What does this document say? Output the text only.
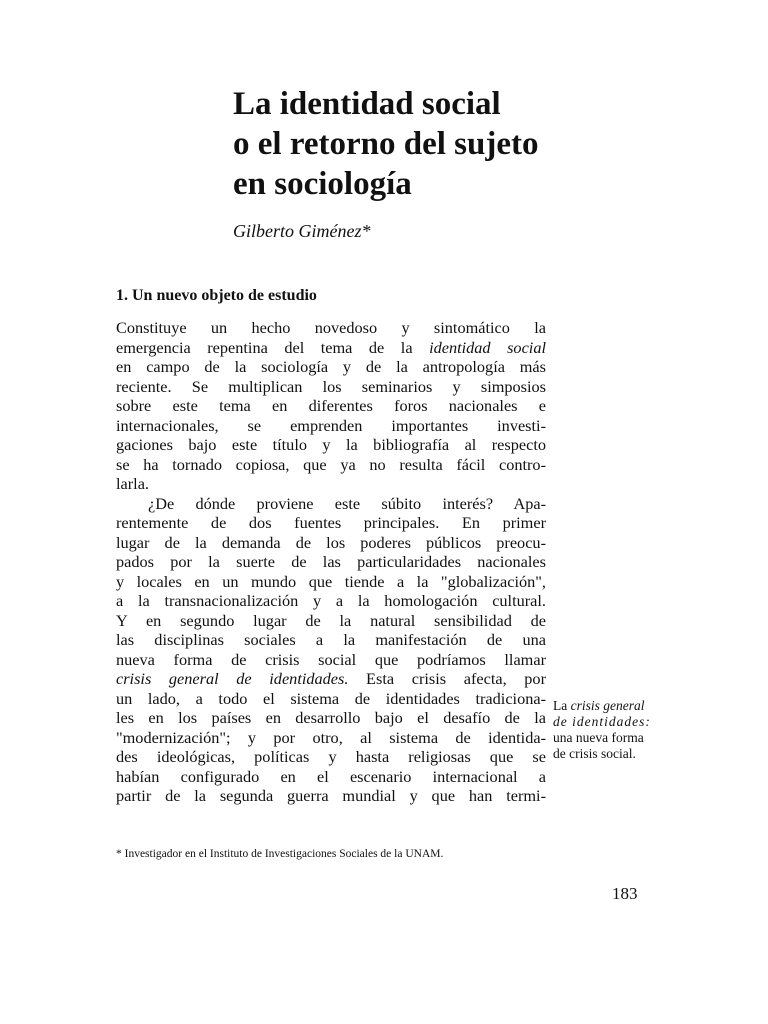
La identidad social
o el retorno del sujeto
en sociología

Gilberto Giménez*

1. Un nuevo objeto de estudio
Constituye un hecho novedoso y sintomático la
emergencia repentina del tema de la identidad social
en campo de la sociología y de la antropología más
reciente. Se multiplican los seminarios y simposios
sobre este tema en diferentes foros nacionales e
internacionales, se emprenden importantes investi-
gaciones bajo este título y la bibliografía al respecto
se ha tornado copiosa, que ya no resulta fácil contro-
larla.
¿De dónde proviene este súbito interés? Apa-
rentemente de dos fuentes principales. En primer
lugar de la demanda de los poderes públicos preocu-
pados por la suerte de las particularidades nacionales
y locales en un mundo que tiende a la "globalización",
a la transnacionalización y a la homologación cultural.
Y en segundo lugar de la natural sensibilidad de
las disciplinas sociales a la manifestación de una
nueva forma de crisis social que podríamos llamar
crisis general de identidades. Esta crisis afecta, por
un lado, a todo el sistema de identidades tradiciona-
les en los países en desarrollo bajo el desafío de la
"modernización"; y por otro, al sistema de identida-
des ideológicas, políticas y hasta religiosas que se
habían configurado en el escenario internacional a
partir de la segunda guerra mundial y que han termi-
La crisis general
de identidades:
una nueva forma
de crisis social.
* Investigador en el Instituto de Investigaciones Sociales de la UNAM.
183
